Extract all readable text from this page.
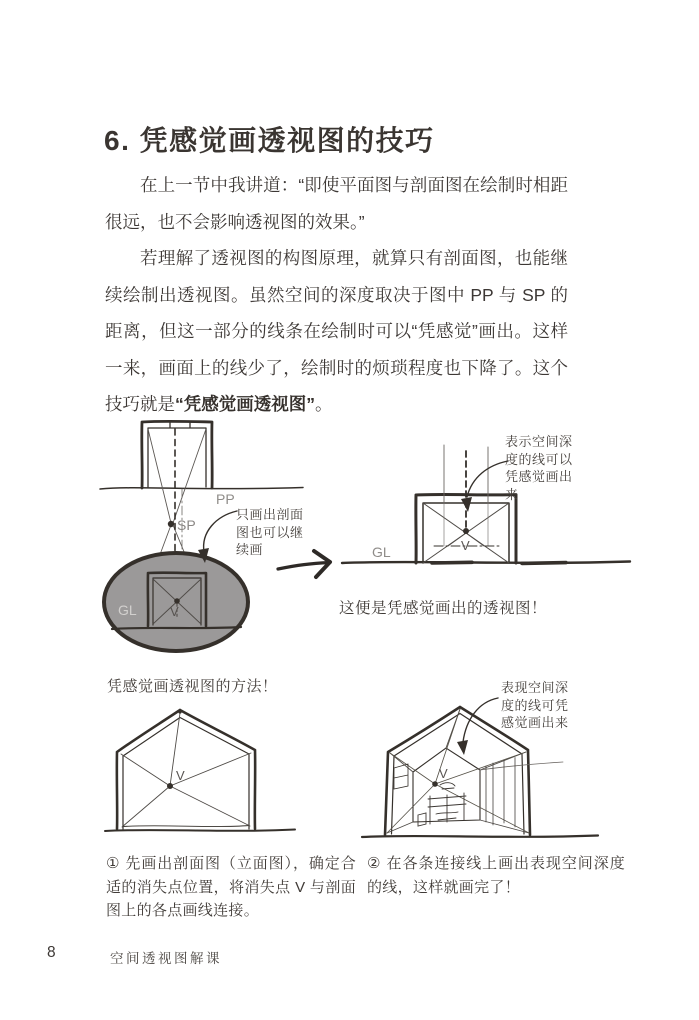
6. 凭感觉画透视图的技巧

在上一节中我讲道：“即使平面图与剖面图在绘制时相距很远，也不会影响透视图的效果。”

若理解了透视图的构图原理，就算只有剖面图，也能继续绘制出透视图。虽然空间的深度取决于图中 PP 与 SP 的距离，但这一部分的线条在绘制时可以“凭感觉”画出。这样一来，画面上的线少了，绘制时的烦琐程度也下降了。这个技巧就是“凭感觉画透视图”。

PP
SP
GL	V
只画出剖面图也可以继续画	GL	V
表示空间深度的线可以凭感觉画出来
这便是凭感觉画出的透视图！
凭感觉画透视图的方法！
V	V
表现空间深度的线可凭感觉画出来
① 先画出剖面图（立面图），确定合适的消失点位置，将消失点 V 与剖面图上的各点画线连接。
② 在各条连接线上画出表现空间深度的线，这样就画完了！
8	空间透视图解课
